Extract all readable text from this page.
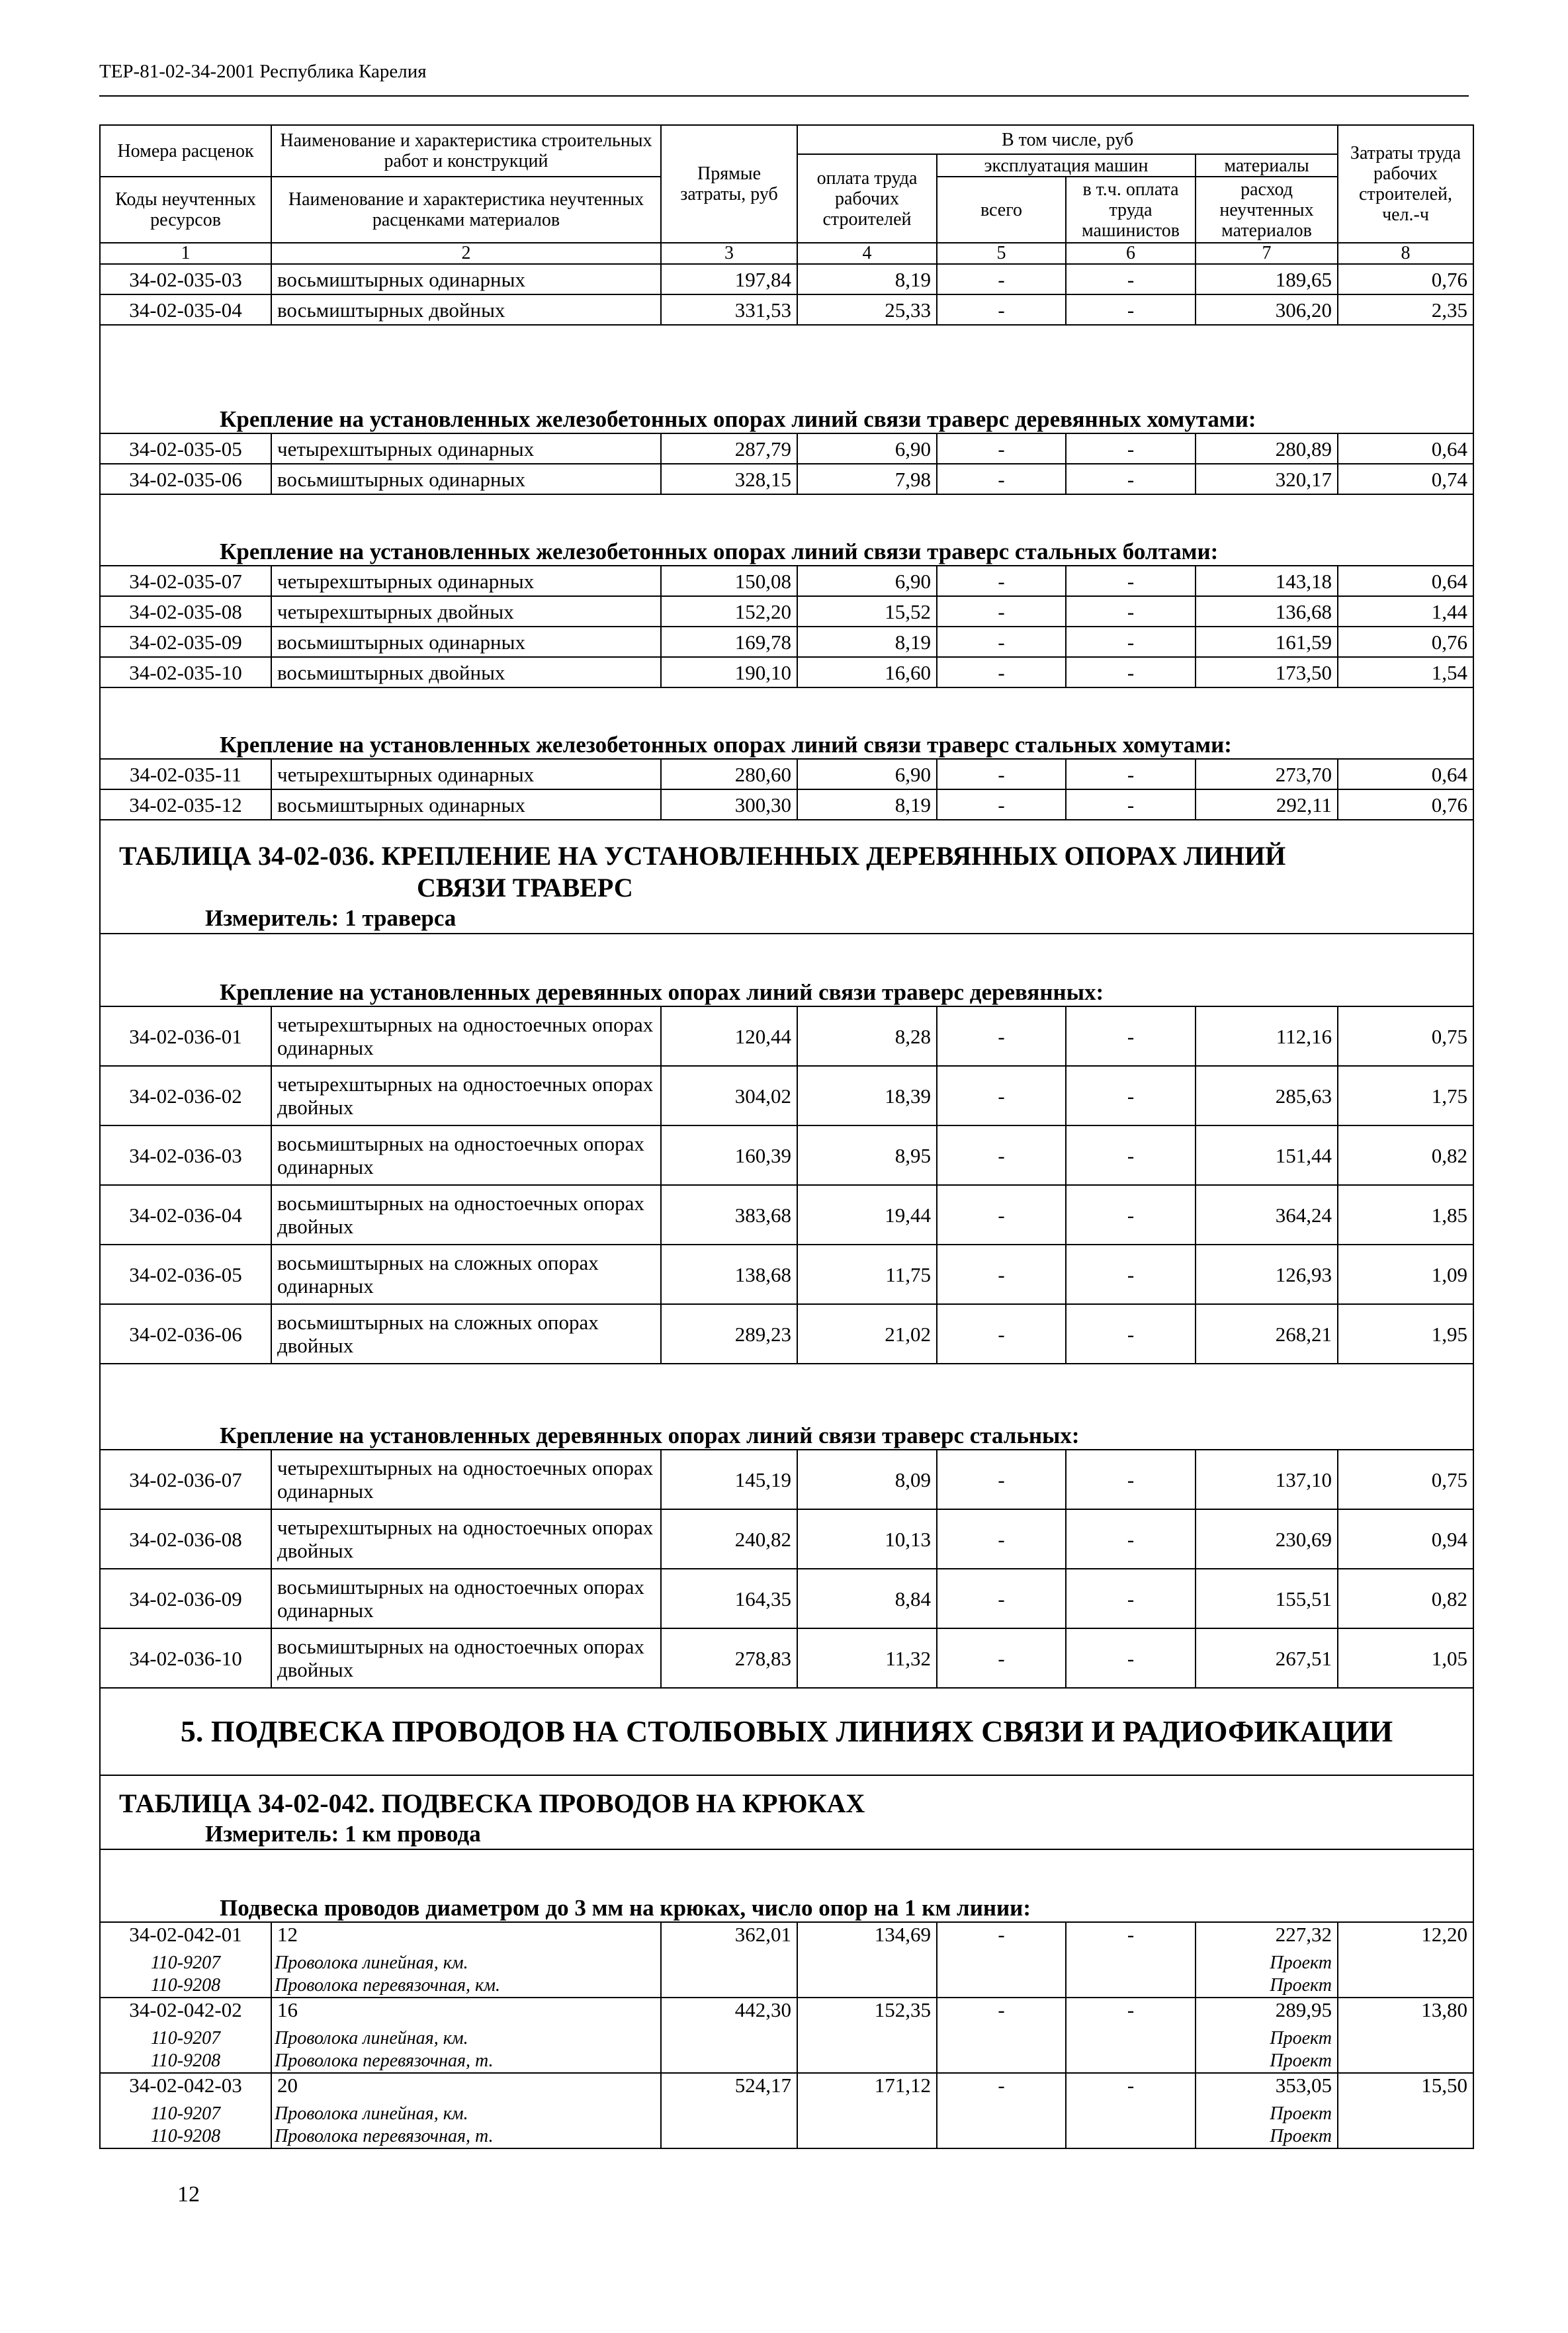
ТЕР-81-02-34-2001 Республика Карелия
Номера расценок	Наименование и характеристика строительных работ и конструкций	Прямые затраты, руб	В том числе, руб				Затраты труда рабочих строителей, чел.-ч
			оплата труда рабочих строителей	эксплуатация машин		материалы	
Коды неучтенных ресурсов	Наименование и характеристика неучтенных расценками материалов			всего	в т.ч. оплата труда машинистов	расход неучтенных материалов	

1	2	3	4	5	6	7	8
34-02-035-03	восьмиштырных одинарных	197,84	8,19	-	-	189,65	0,76
34-02-035-04	восьмиштырных двойных	331,53	25,33	-	-	306,20	2,35
Крепление на установленных железобетонных опорах линий связи траверс деревянных хомутами:							
34-02-035-05	четырехштырных одинарных	287,79	6,90	-	-	280,89	0,64
34-02-035-06	восьмиштырных одинарных	328,15	7,98	-	-	320,17	0,74
Крепление на установленных железобетонных опорах линий связи траверс стальных болтами:							
34-02-035-07	четырехштырных одинарных	150,08	6,90	-	-	143,18	0,64
34-02-035-08	четырехштырных двойных	152,20	15,52	-	-	136,68	1,44
34-02-035-09	восьмиштырных одинарных	169,78	8,19	-	-	161,59	0,76
34-02-035-10	восьмиштырных двойных	190,10	16,60	-	-	173,50	1,54
Крепление на установленных железобетонных опорах линий связи траверс стальных хомутами:							
34-02-035-11	четырехштырных одинарных	280,60	6,90	-	-	273,70	0,64
34-02-035-12	восьмиштырных одинарных	300,30	8,19	-	-	292,11	0,76

ТАБЛИЦА 34-02-036. КРЕПЛЕНИЕ НА УСТАНОВЛЕННЫХ ДЕРЕВЯННЫХ ОПОРАХ ЛИНИЙ
СВЯЗИ ТРАВЕРС
Измеритель: 1 траверса							

Крепление на установленных деревянных опорах линий связи траверс деревянных:							
34-02-036-01	четырехштырных на одностоечных опорах одинарных	120,44	8,28	-	-	112,16	0,75
34-02-036-02	четырехштырных на одностоечных опорах двойных	304,02	18,39	-	-	285,63	1,75
34-02-036-03	восьмиштырных на одностоечных опорах одинарных	160,39	8,95	-	-	151,44	0,82
34-02-036-04	восьмиштырных на одностоечных опорах двойных	383,68	19,44	-	-	364,24	1,85
34-02-036-05	восьмиштырных на сложных опорах одинарных	138,68	11,75	-	-	126,93	1,09
34-02-036-06	восьмиштырных на сложных опорах двойных	289,23	21,02	-	-	268,21	1,95
Крепление на установленных деревянных опорах линий связи траверс стальных:							
34-02-036-07	четырехштырных на одностоечных опорах одинарных	145,19	8,09	-	-	137,10	0,75
34-02-036-08	четырехштырных на одностоечных опорах двойных	240,82	10,13	-	-	230,69	0,94
34-02-036-09	восьмиштырных на одностоечных опорах одинарных	164,35	8,84	-	-	155,51	0,82
34-02-036-10	восьмиштырных на одностоечных опорах двойных	278,83	11,32	-	-	267,51	1,05
5. ПОДВЕСКА ПРОВОДОВ НА СТОЛБОВЫХ ЛИНИЯХ СВЯЗИ И РАДИОФИКАЦИИ							

ТАБЛИЦА 34-02-042. ПОДВЕСКА ПРОВОДОВ НА КРЮКАХ
Измеритель: 1 км провода							

Подвеска проводов диаметром до 3 мм на крюках, число опор на 1 км линии:							
34-02-042-01	12	362,01	134,69	-	-	227,32	12,20
110-9207	Проволока линейная, км.					Проект	
110-9208	Проволока перевязочная, км.					Проект	
34-02-042-02	16	442,30	152,35	-	-	289,95	13,80
110-9207	Проволока линейная, км.					Проект	
110-9208	Проволока перевязочная, т.					Проект	
34-02-042-03	20	524,17	171,12	-	-	353,05	15,50
110-9207	Проволока линейная, км.					Проект	
110-9208	Проволока перевязочная, т.					Проект	
12
